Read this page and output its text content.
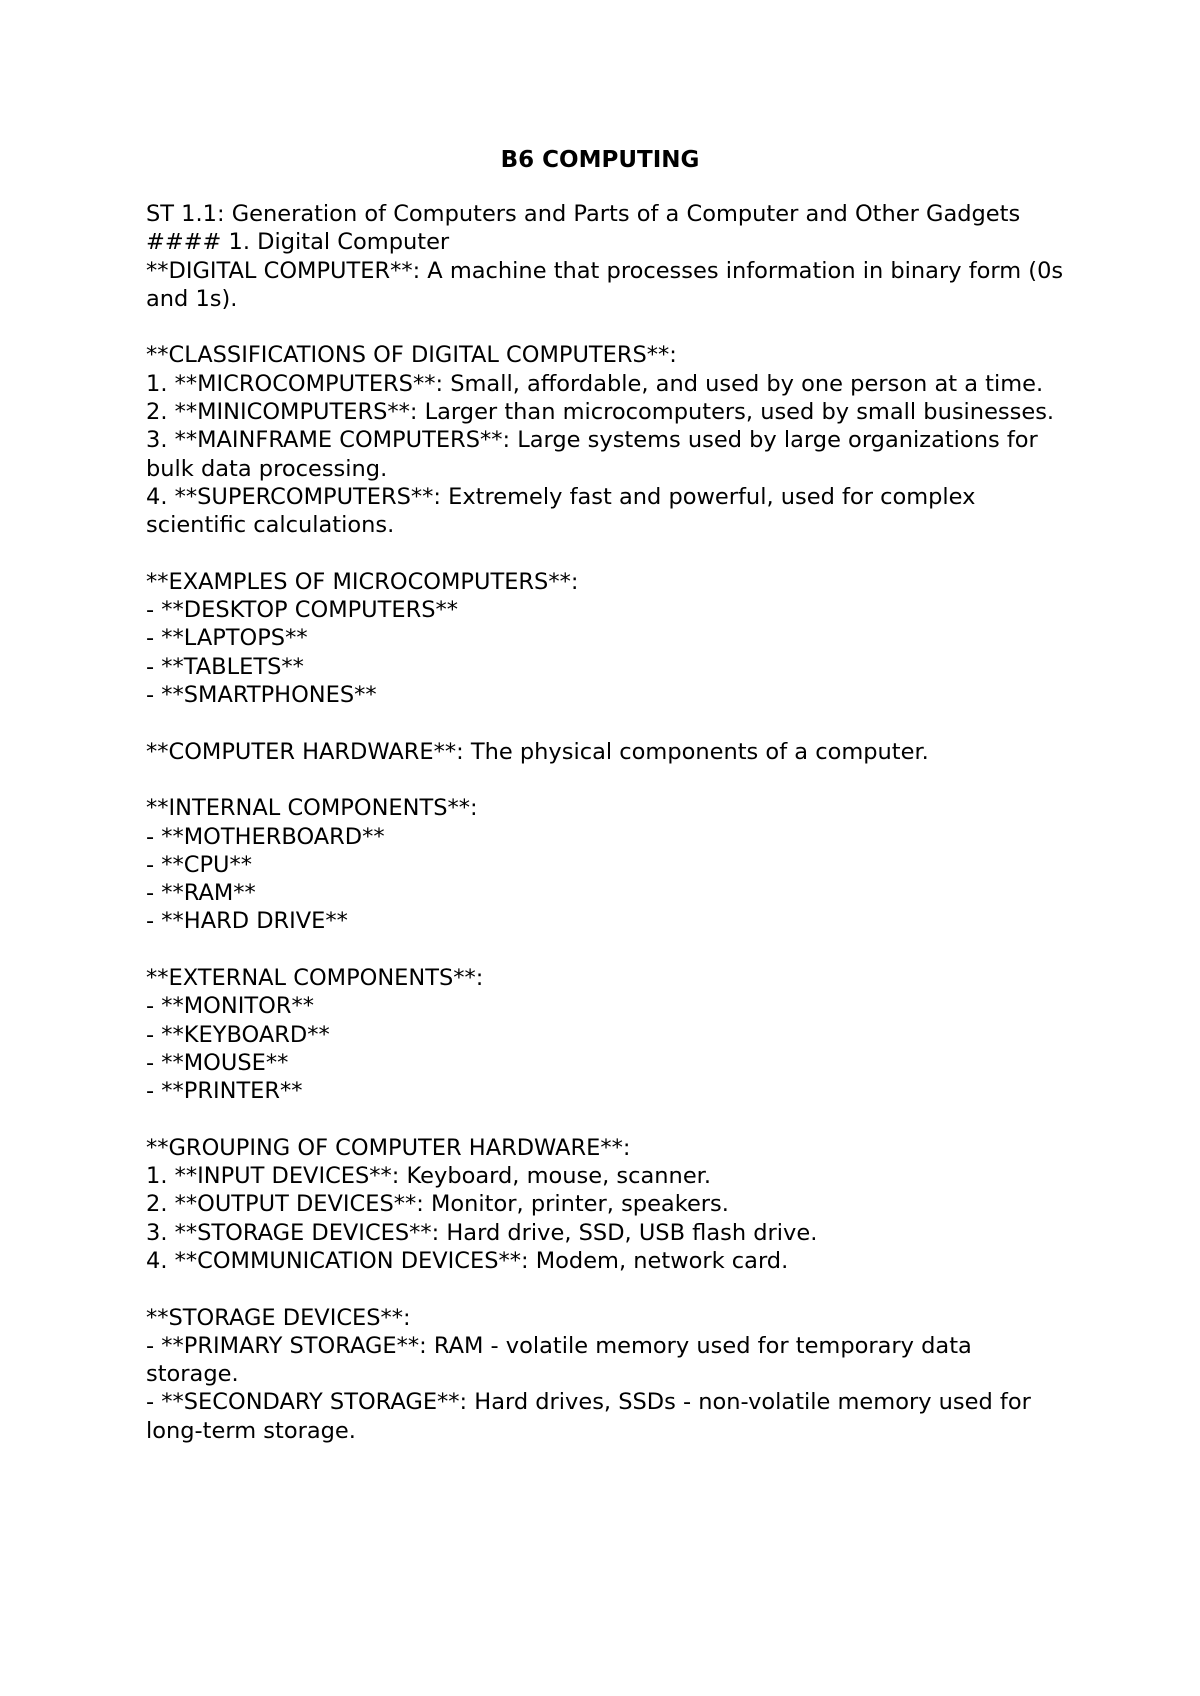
B6 COMPUTING

ST 1.1: Generation of Computers and Parts of a Computer and Other Gadgets

#### 1. Digital Computer

**DIGITAL COMPUTER**: A machine that processes information in binary form (0s and 1s).

**CLASSIFICATIONS OF DIGITAL COMPUTERS**:

1. **MICROCOMPUTERS**: Small, affordable, and used by one person at a time.

2. **MINICOMPUTERS**: Larger than microcomputers, used by small businesses.

3. **MAINFRAME COMPUTERS**: Large systems used by large organizations for bulk data processing.

4. **SUPERCOMPUTERS**: Extremely fast and powerful, used for complex scientific calculations.

**EXAMPLES OF MICROCOMPUTERS**:

- **DESKTOP COMPUTERS**

- **LAPTOPS**

- **TABLETS**

- **SMARTPHONES**

**COMPUTER HARDWARE**: The physical components of a computer.

**INTERNAL COMPONENTS**:

- **MOTHERBOARD**

- **CPU**

- **RAM**

- **HARD DRIVE**

**EXTERNAL COMPONENTS**:

- **MONITOR**

- **KEYBOARD**

- **MOUSE**

- **PRINTER**

**GROUPING OF COMPUTER HARDWARE**:

1. **INPUT DEVICES**: Keyboard, mouse, scanner.

2. **OUTPUT DEVICES**: Monitor, printer, speakers.

3. **STORAGE DEVICES**: Hard drive, SSD, USB flash drive.

4. **COMMUNICATION DEVICES**: Modem, network card.

**STORAGE DEVICES**:

- **PRIMARY STORAGE**: RAM - volatile memory used for temporary data storage.

- **SECONDARY STORAGE**: Hard drives, SSDs - non-volatile memory used for long-term storage.
